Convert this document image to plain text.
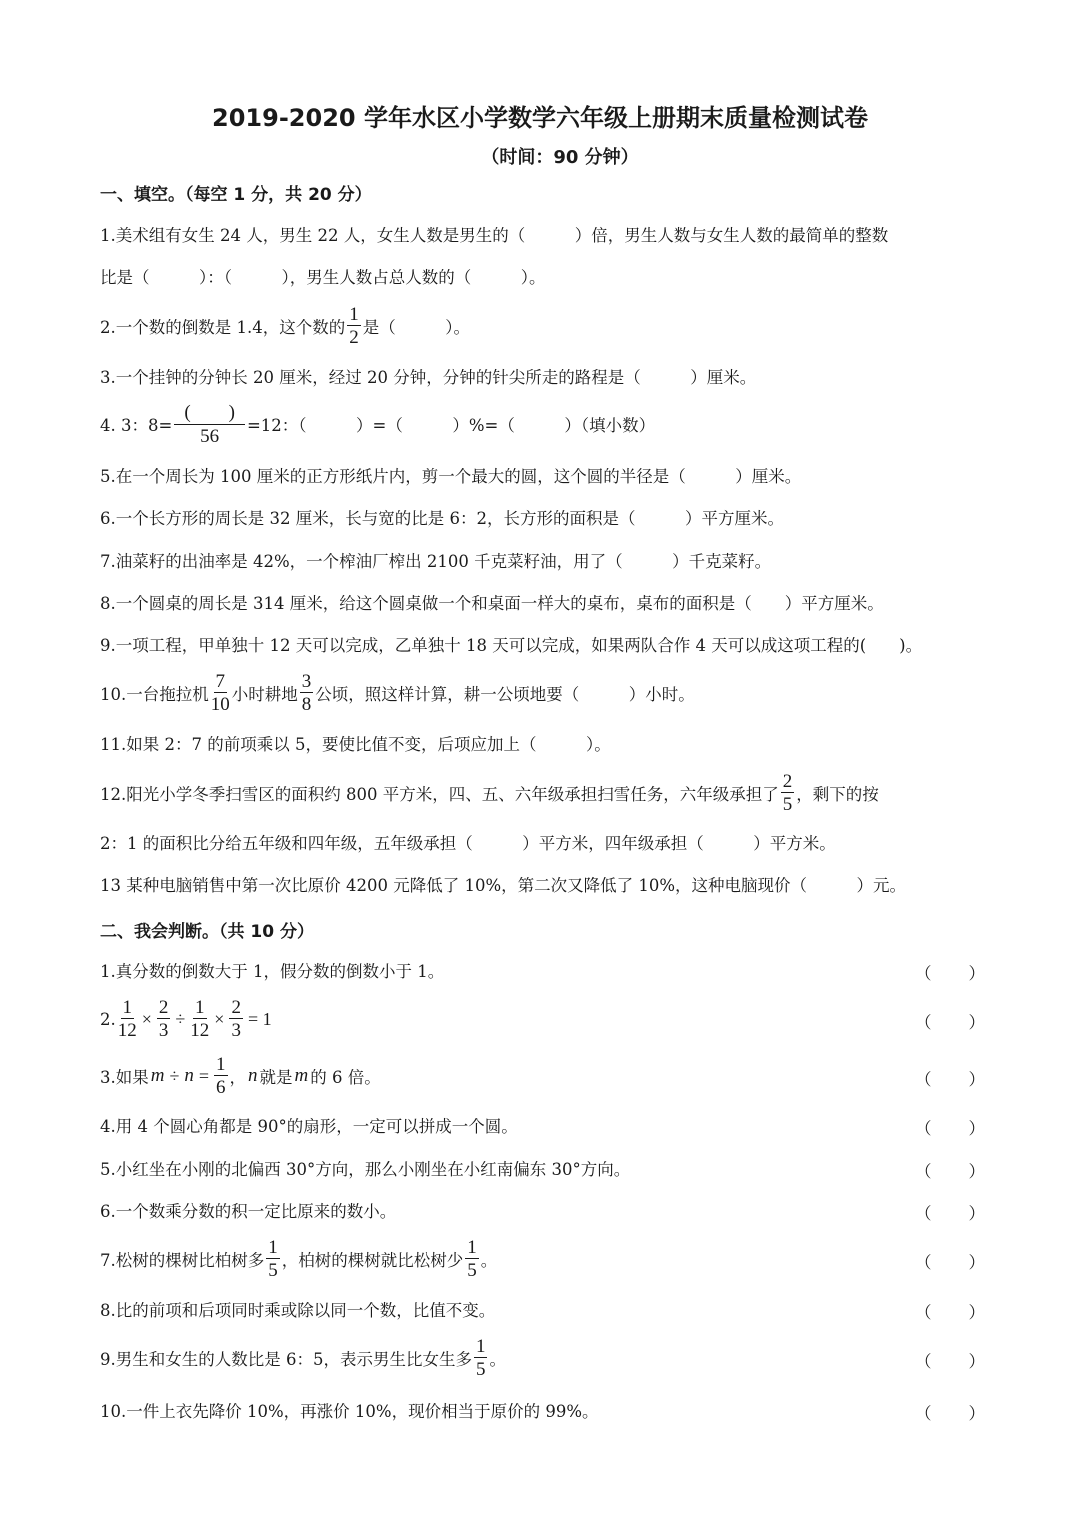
2019-2020 学年水区小学数学六年级上册期末质量检测试卷
（时间：90 分钟）
一、填空。（每空 1 分，共 20 分）
1.美术组有女生 24 人，男生 22 人，女生人数是男生的（　　　）倍，男生人数与女生人数的最简单的整数
比是（　　　）：（　　　），男生人数占总人数的（　　　）。
2.一个数的倒数是 1.4，这个数的 $\frac{1}{2}$ 是（　　　）。
3.一个挂钟的分钟长 20 厘米，经过 20 分钟，分钟的针尖所走的路程是（　　　）厘米。
4. 3：$8= \frac{( )}{56} =12$：（　　　）=（　　　）%=（　　　）（填小数）
5.在一个周长为 100 厘米的正方形纸片内，剪一个最大的圆，这个圆的半径是（　　　）厘米。
6.一个长方形的周长是 32 厘米，长与宽的比是 6：2，长方形的面积是（　　　）平方厘米。
7.油菜籽的出油率是 42%，一个榨油厂榨出 2100 千克菜籽油，用了（　　　）千克菜籽。
8.一个圆桌的周长是 314 厘米，给这个圆桌做一个和桌面一样大的桌布，桌布的面积是（　　）平方厘米。
9.一项工程，甲单独十 12 天可以完成，乙单独十 18 天可以完成，如果两队合作 4 天可以成这项工程的(　　)。
10.一台拖拉机 $\frac{7}{10}$ 小时耕地 $\frac{3}{8}$ 公顷，照这样计算，耕一公顷地要（　　　）小时。
11.如果 2：7 的前项乘以 5，要使比值不变，后项应加上（　　　）。
12.阳光小学冬季扫雪区的面积约 800 平方米，四、五、六年级承担扫雪任务，六年级承担了 $\frac{2}{5}$ ，剩下的按
2：1 的面积比分给五年级和四年级，五年级承担（　　　）平方米，四年级承担（　　　）平方米。
13 某种电脑销售中第一次比原价 4200 元降低了 10%，第二次又降低了 10%，这种电脑现价（　　　）元。
二、我会判断。（共 10 分）
1.真分数的倒数大于 1，假分数的倒数小于 1。	（ ）
2. $\frac{1}{12} \times \frac{2}{3} \div \frac{1}{12} \times \frac{2}{3} = 1$	（ ）
3.如果 $m \div n = \frac{1}{6}$ ， n 就是 m 的 6 倍。	（ ）
4.用 4 个圆心角都是 90°的扇形，一定可以拼成一个圆。	（ ）
5.小红坐在小刚的北偏西 30°方向，那么小刚坐在小红南偏东 30°方向。	（ ）
6.一个数乘分数的积一定比原来的数小。	（ ）
7.松树的棵树比柏树多 $\frac{1}{5}$ ，柏树的棵树就比松树少 $\frac{1}{5}$ 。	（ ）
8.比的前项和后项同时乘或除以同一个数，比值不变。	（ ）
9.男生和女生的人数比是 6：5，表示男生比女生多 $\frac{1}{5}$ 。	（ ）
10.一件上衣先降价 10%，再涨价 10%，现价相当于原价的 99%。	（ ）
